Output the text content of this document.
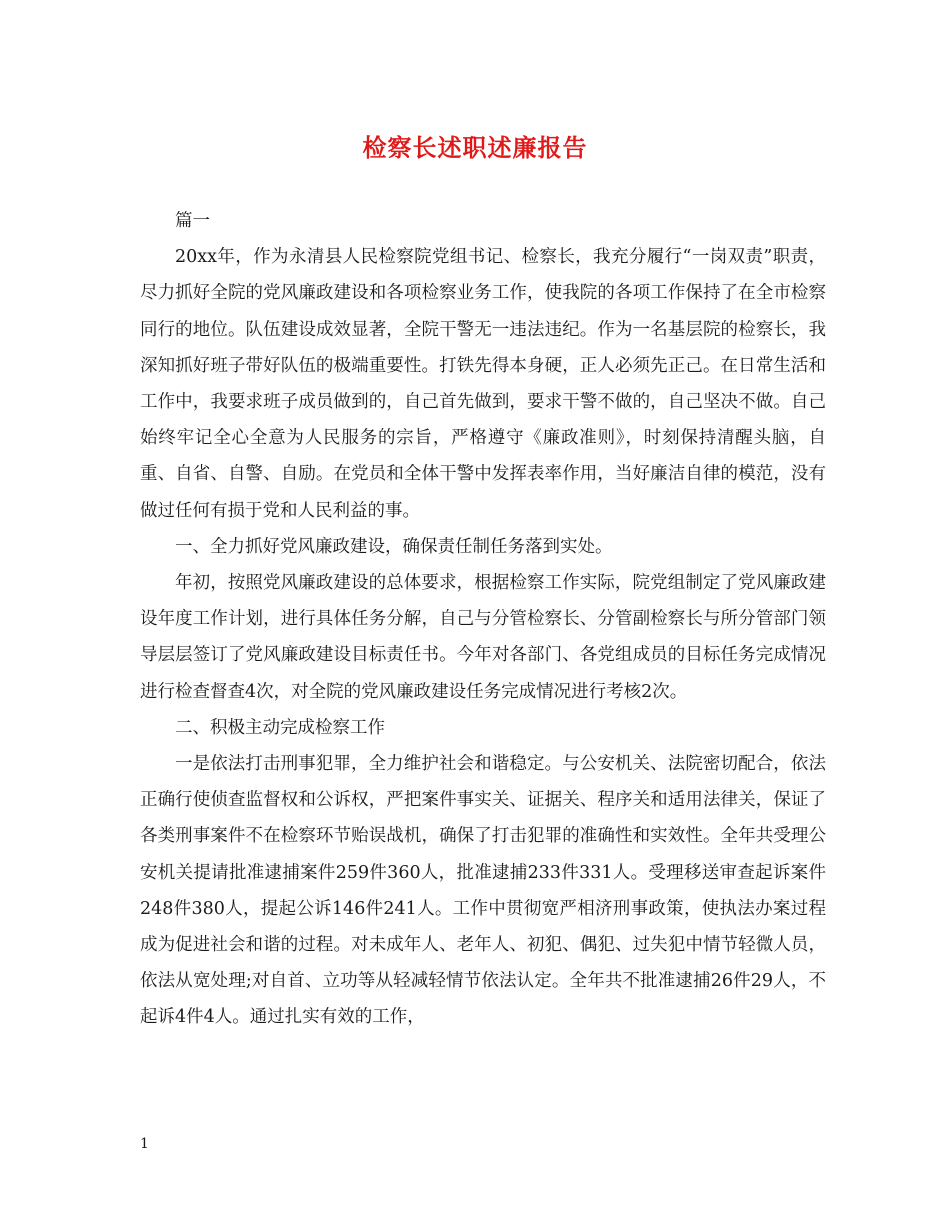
检察长述职述廉报告

篇一

20xx年，作为永清县人民检察院党组书记、检察长，我充分履行“一岗双责”职责，尽力抓好全院的党风廉政建设和各项检察业务工作，使我院的各项工作保持了在全市检察同行的地位。队伍建设成效显著，全院干警无一违法违纪。作为一名基层院的检察长，我深知抓好班子带好队伍的极端重要性。打铁先得本身硬，正人必须先正己。在日常生活和工作中，我要求班子成员做到的，自己首先做到，要求干警不做的，自己坚决不做。自己始终牢记全心全意为人民服务的宗旨，严格遵守《廉政准则》，时刻保持清醒头脑，自重、自省、自警、自励。在党员和全体干警中发挥表率作用，当好廉洁自律的模范，没有做过任何有损于党和人民利益的事。

一、全力抓好党风廉政建设，确保责任制任务落到实处。

年初，按照党风廉政建设的总体要求，根据检察工作实际，院党组制定了党风廉政建设年度工作计划，进行具体任务分解，自己与分管检察长、分管副检察长与所分管部门领导层层签订了党风廉政建设目标责任书。今年对各部门、各党组成员的目标任务完成情况进行检查督查4次，对全院的党风廉政建设任务完成情况进行考核2次。

二、积极主动完成检察工作

一是依法打击刑事犯罪，全力维护社会和谐稳定。与公安机关、法院密切配合，依法正确行使侦查监督权和公诉权，严把案件事实关、证据关、程序关和适用法律关，保证了各类刑事案件不在检察环节贻误战机，确保了打击犯罪的准确性和实效性。全年共受理公安机关提请批准逮捕案件259件360人，批准逮捕233件331人。受理移送审查起诉案件248件380人，提起公诉146件241人。工作中贯彻宽严相济刑事政策，使执法办案过程成为促进社会和谐的过程。对未成年人、老年人、初犯、偶犯、过失犯中情节轻微人员，依法从宽处理;对自首、立功等从轻减轻情节依法认定。全年共不批准逮捕26件29人，不起诉4件4人。通过扎实有效的工作，

1
